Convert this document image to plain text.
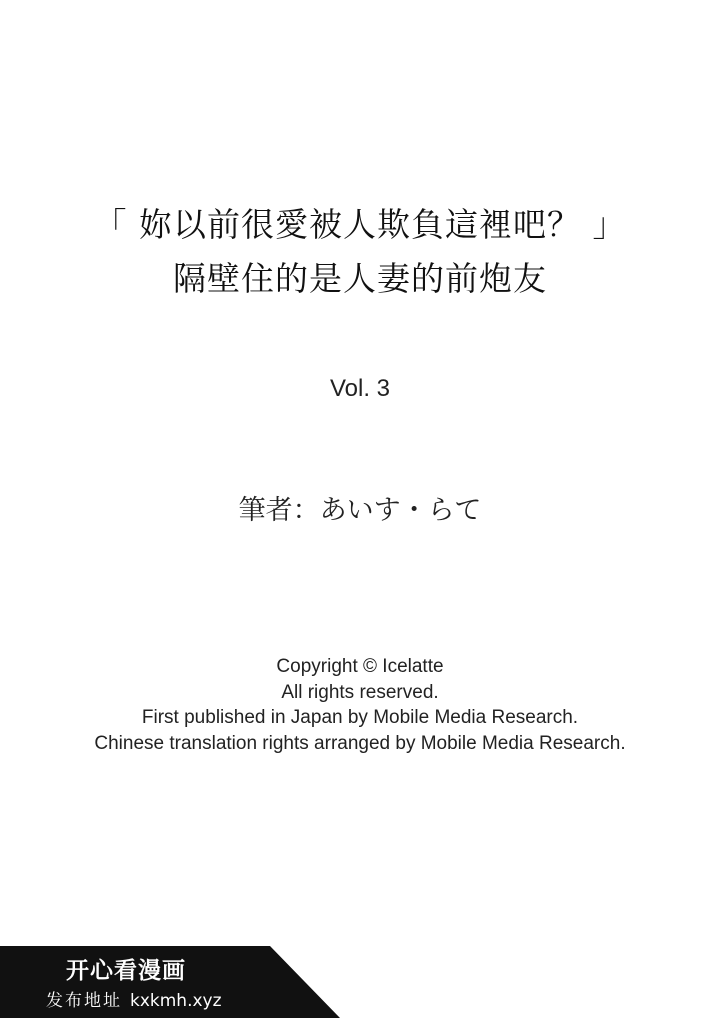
「 妳以前很愛被人欺負這裡吧？ 」
隔壁住的是人妻的前炮友
Vol. 3
筆者：あいす・らて
Copyright © Icelatte
All rights reserved.
First published in Japan by Mobile Media Research.
Chinese translation rights arranged by Mobile Media Research.
开心看漫画
发布地址 kxkmh.xyz
